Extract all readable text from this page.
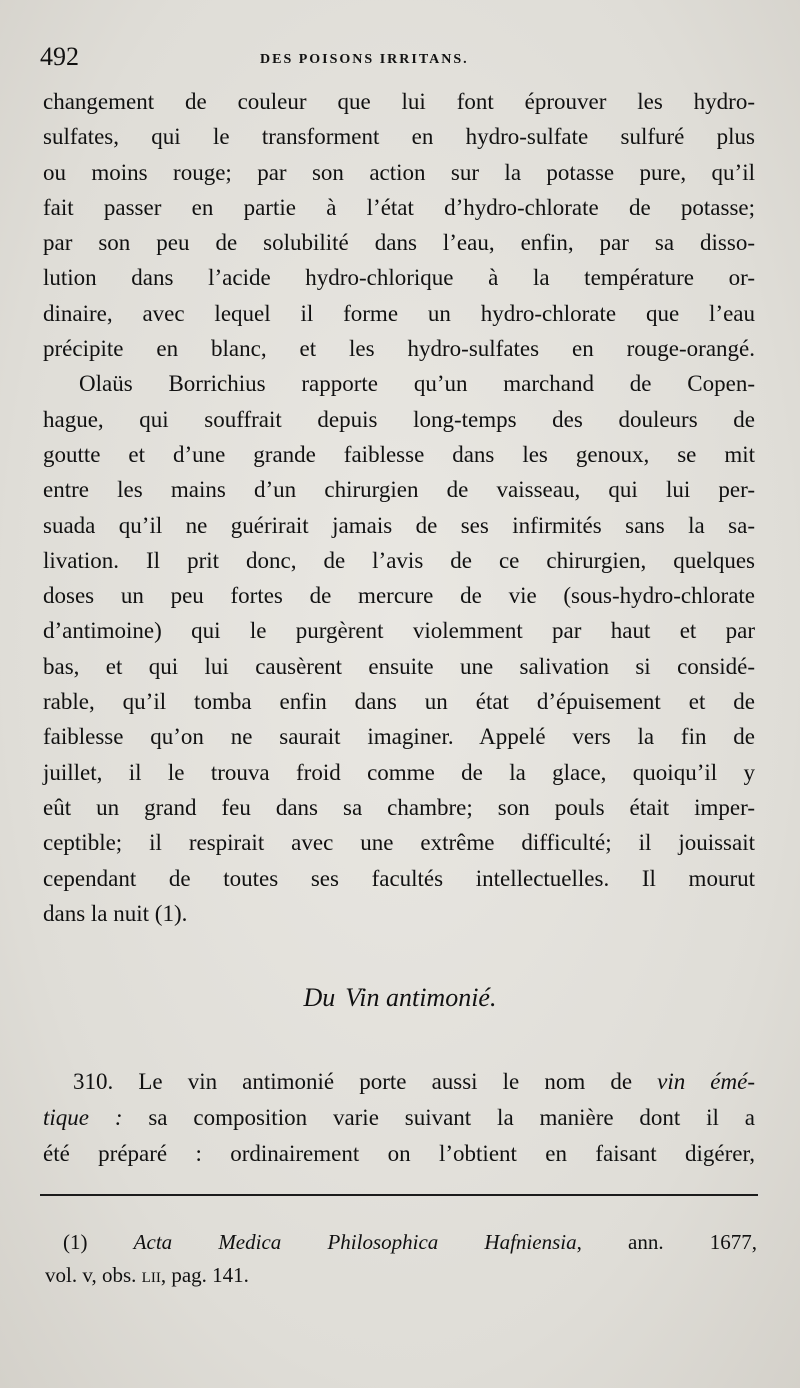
492	DES POISONS IRRITANS.
changement de couleur que lui font éprouver les hydro-
sulfates, qui le transforment en hydro-sulfate sulfuré plus
ou moins rouge; par son action sur la potasse pure, qu’il
fait passer en partie à l’état d’hydro-chlorate de potasse;
par son peu de solubilité dans l’eau, enfin, par sa disso-
lution dans l’acide hydro-chlorique à la température or-
dinaire, avec lequel il forme un hydro-chlorate que l’eau
précipite en blanc, et les hydro-sulfates en rouge-orangé.
Olaüs Borrichius rapporte qu’un marchand de Copen-
hague, qui souffrait depuis long-temps des douleurs de
goutte et d’une grande faiblesse dans les genoux, se mit
entre les mains d’un chirurgien de vaisseau, qui lui per-
suada qu’il ne guérirait jamais de ses infirmités sans la sa-
livation. Il prit donc, de l’avis de ce chirurgien, quelques
doses un peu fortes de mercure de vie (sous-hydro-chlorate
d’antimoine) qui le purgèrent violemment par haut et par
bas, et qui lui causèrent ensuite une salivation si considé-
rable, qu’il tomba enfin dans un état d’épuisement et de
faiblesse qu’on ne saurait imaginer. Appelé vers la fin de
juillet, il le trouva froid comme de la glace, quoiqu’il y
eût un grand feu dans sa chambre; son pouls était imper-
ceptible; il respirait avec une extrême difficulté; il jouissait
cependant de toutes ses facultés intellectuelles. Il mourut
dans la nuit (1).
Du Vin antimonié.
310. Le vin antimonié porte aussi le nom de vin émé-
tique : sa composition varie suivant la manière dont il a
été préparé : ordinairement on l’obtient en faisant digérer,
(1) Acta Medica Philosophica Hafniensia, ann. 1677,
vol. v, obs. lii, pag. 141.
